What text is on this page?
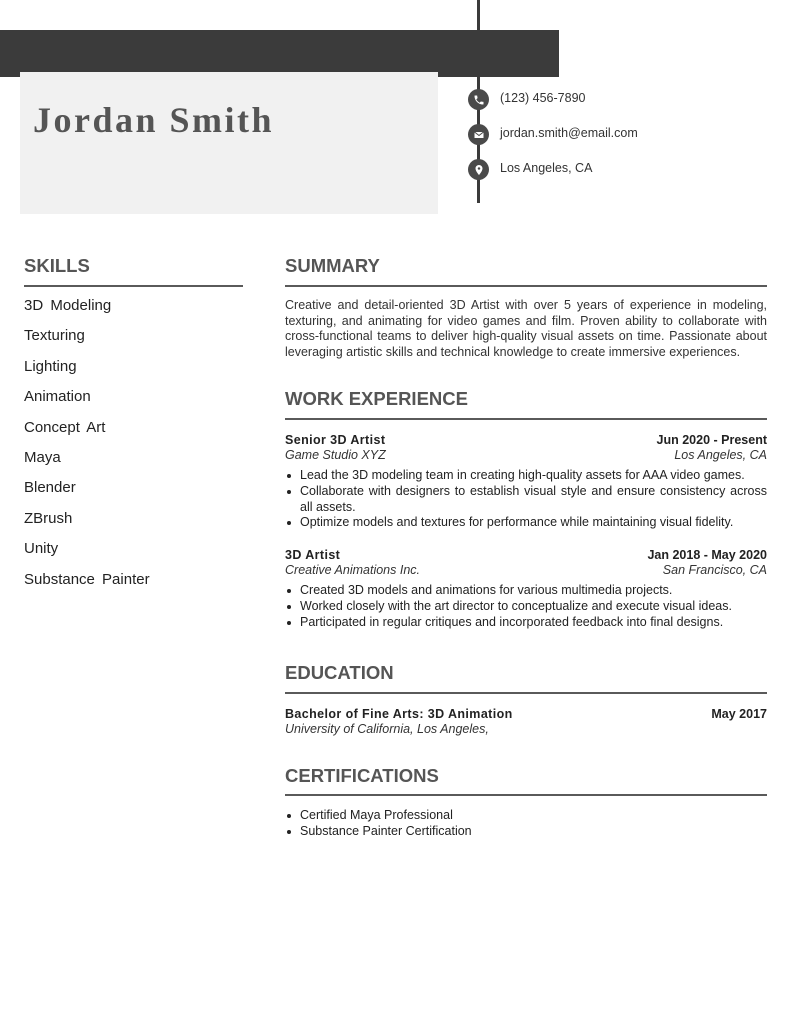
Jordan Smith
(123) 456-7890
jordan.smith@email.com
Los Angeles, CA
SKILLS
3D Modeling
Texturing
Lighting
Animation
Concept Art
Maya
Blender
ZBrush
Unity
Substance Painter
SUMMARY

Creative and detail-oriented 3D Artist with over 5 years of experience in modeling, texturing, and animating for video games and film. Proven ability to collaborate with cross-functional teams to deliver high-quality visual assets on time. Passionate about leveraging artistic skills and technical knowledge to create immersive experiences.

WORK EXPERIENCE
Senior 3D Artist	Jun 2020 - Present
Game Studio XYZ	Los Angeles, CA
Lead the 3D modeling team in creating high-quality assets for AAA video games.
Collaborate with designers to establish visual style and ensure consistency across all assets.
Optimize models and textures for performance while maintaining visual fidelity.
3D Artist	Jan 2018 - May 2020
Creative Animations Inc.	San Francisco, CA
Created 3D models and animations for various multimedia projects.
Worked closely with the art director to conceptualize and execute visual ideas.
Participated in regular critiques and incorporated feedback into final designs.
EDUCATION
Bachelor of Fine Arts: 3D Animation	May 2017
University of California, Los Angeles,
CERTIFICATIONS
Certified Maya Professional
Substance Painter Certification
